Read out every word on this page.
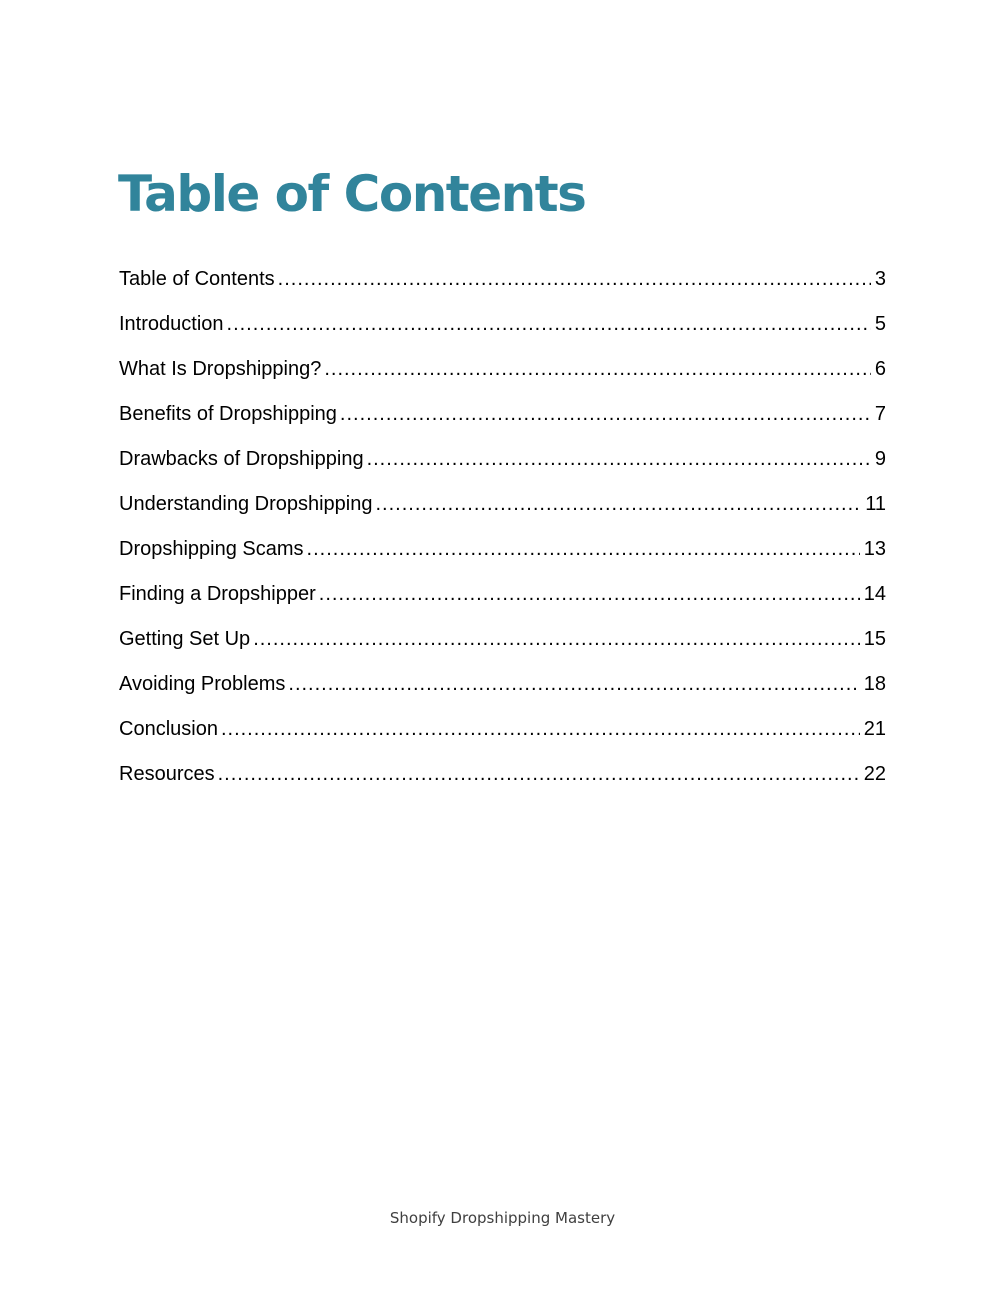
Table of Contents
Table of Contents .....	3
Introduction .....	5
What Is Dropshipping? .....	6
Benefits of Dropshipping .....	7
Drawbacks of Dropshipping .....	9
Understanding Dropshipping .....	11
Dropshipping Scams .....	13
Finding a Dropshipper .....	14
Getting Set Up .....	15
Avoiding Problems .....	18
Conclusion .....	21
Resources .....	22
Shopify Dropshipping Mastery
